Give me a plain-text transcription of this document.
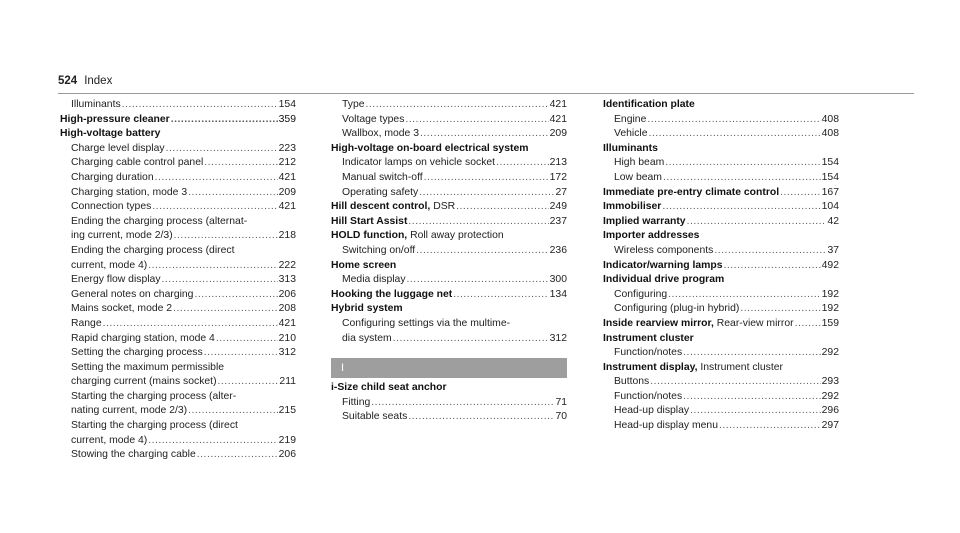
524 Index
Illuminants .....	154
High-pressure cleaner .....	359
High-voltage battery
Charge level display .....	223
Charging cable control panel .....	212
Charging duration .....	421
Charging station, mode 3 .....	209
Connection types .....	421
Ending the charging process (alternat-
ing current, mode 2/3) .....	218
Ending the charging process (direct
current, mode 4) .....	222
Energy flow display .....	313
General notes on charging .....	206
Mains socket, mode 2 .....	208
Range .....	421
Rapid charging station, mode 4 .....	210
Setting the charging process .....	312
Setting the maximum permissible
charging current (mains socket) .....	211
Starting the charging process (alter-
nating current, mode 2/3) .....	215
Starting the charging process (direct
current, mode 4) .....	219
Stowing the charging cable .....	206
Type .....	421
Voltage types .....	421
Wallbox, mode 3 .....	209
High-voltage on-board electrical system
Indicator lamps on vehicle socket .....	213
Manual switch-off .....	172
Operating safety .....	27
Hill descent control, DSR .....	249
Hill Start Assist .....	237
HOLD function, Roll away protection
Switching on/off .....	236
Home screen
Media display .....	300
Hooking the luggage net .....	134
Hybrid system
Configuring settings via the multime-
dia system .....	312
I
i-Size child seat anchor
Fitting .....	71
Suitable seats .....	70
Identification plate
Engine .....	408
Vehicle .....	408
Illuminants
High beam .....	154
Low beam .....	154
Immediate pre-entry climate control .....	167
Immobiliser .....	104
Implied warranty .....	42
Importer addresses
Wireless components .....	37
Indicator/warning lamps .....	492
Individual drive program
Configuring .....	192
Configuring (plug-in hybrid) .....	192
Inside rearview mirror, Rear-view mirror .....	159
Instrument cluster
Function/notes .....	292
Instrument display, Instrument cluster
Buttons .....	293
Function/notes .....	292
Head-up display .....	296
Head-up display menu .....	297
